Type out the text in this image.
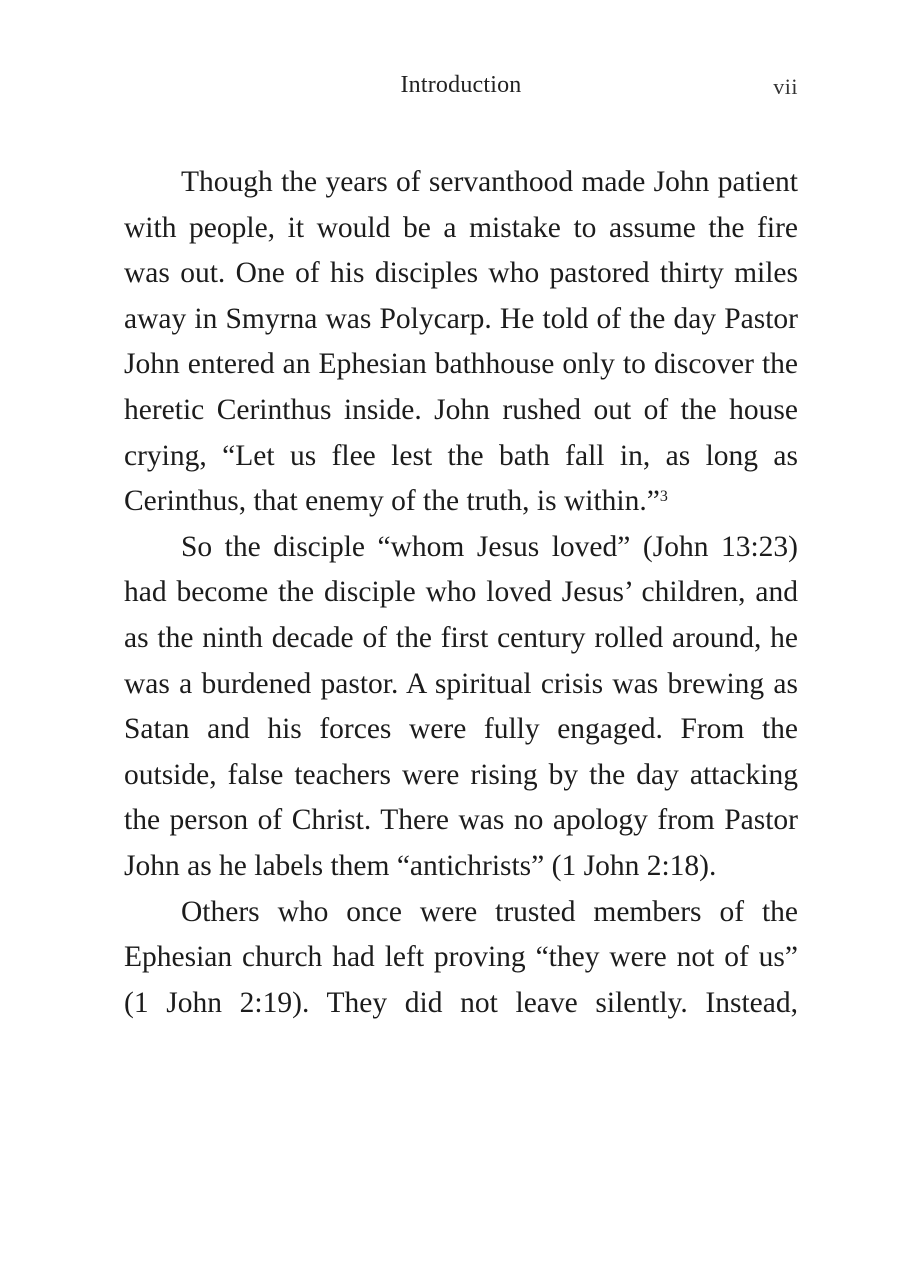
Introduction	vii

Though the years of servanthood made John patient with people, it would be a mistake to assume the fire was out. One of his disciples who pastored thirty miles away in Smyrna was Polycarp. He told of the day Pastor John entered an Ephesian bathhouse only to discover the heretic Cerinthus inside. John rushed out of the house crying, “Let us flee lest the bath fall in, as long as Cerinthus, that enemy of the truth, is within.”$^3$

So the disciple “whom Jesus loved” (John 13:23) had become the disciple who loved Jesus’ children, and as the ninth decade of the first century rolled around, he was a burdened pastor. A spiritual crisis was brewing as Satan and his forces were fully engaged. From the outside, false teachers were rising by the day attacking the person of Christ. There was no apology from Pastor John as he labels them “antichrists” (1 John 2:18).

Others who once were trusted members of the Ephesian church had left proving “they were not of us” (1 John 2:19). They did not leave silently. Instead,
